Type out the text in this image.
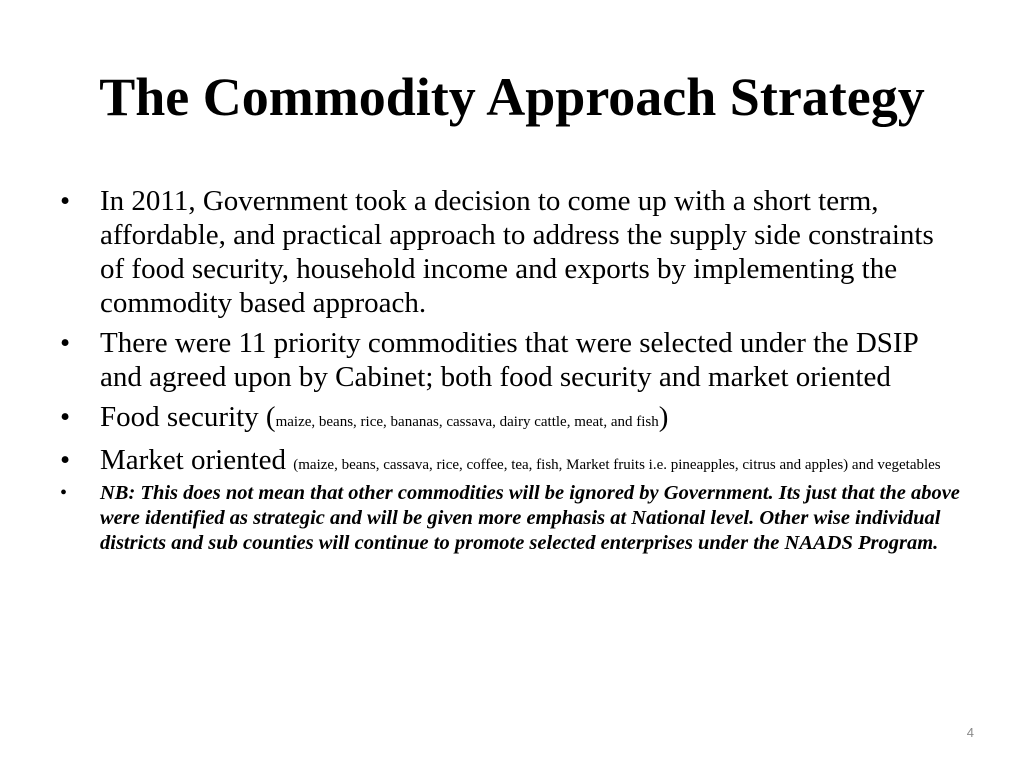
The Commodity Approach Strategy
• In 2011, Government took a decision to come up with a short term, affordable, and practical approach to address the supply side constraints of food security, household income and exports by implementing the commodity based approach.
• There were 11 priority commodities that were selected under the DSIP and agreed upon by Cabinet; both food security and market oriented
• Food security (maize, beans, rice, bananas, cassava, dairy cattle, meat, and fish)
• Market oriented (maize, beans, cassava, rice, coffee, tea, fish, Market fruits i.e. pineapples, citrus and apples) and vegetables
• NB: This does not mean that other commodities will be ignored by Government. Its just that the above were identified as strategic and will be given more emphasis at National level. Other wise individual districts and sub counties will continue to promote selected enterprises under the NAADS Program.
4
